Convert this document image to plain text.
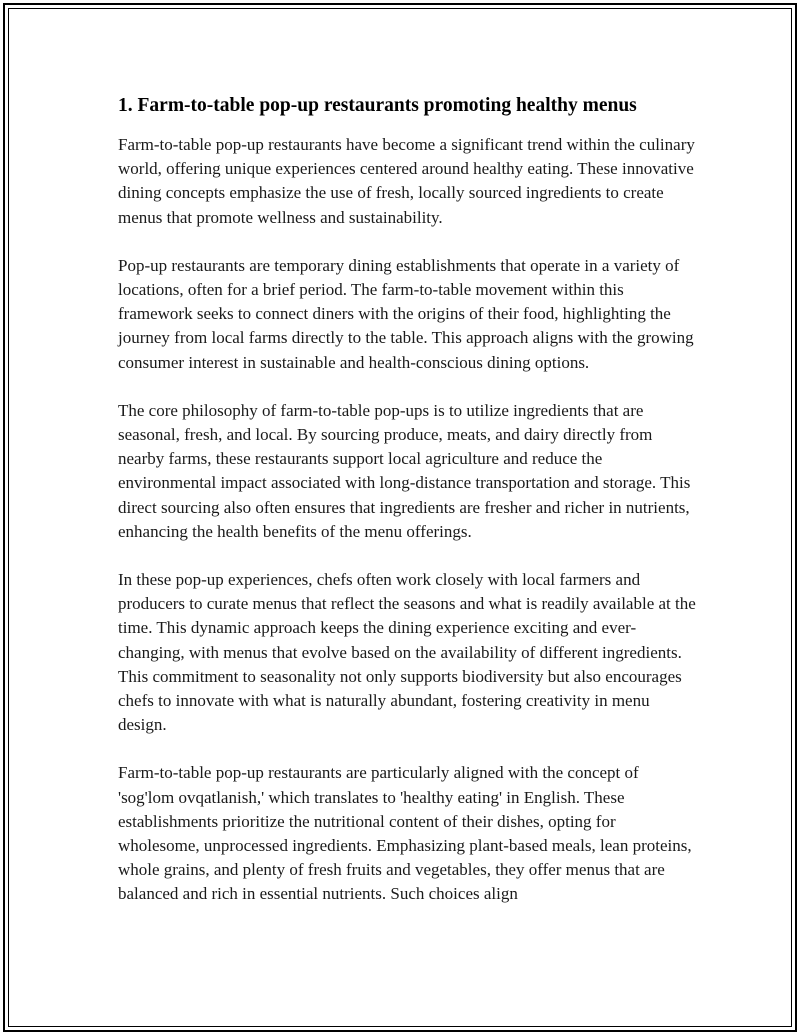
1. Farm-to-table pop-up restaurants promoting healthy menus

Farm-to-table pop-up restaurants have become a significant trend within the culinary world, offering unique experiences centered around healthy eating. These innovative dining concepts emphasize the use of fresh, locally sourced ingredients to create menus that promote wellness and sustainability.

Pop-up restaurants are temporary dining establishments that operate in a variety of locations, often for a brief period. The farm-to-table movement within this framework seeks to connect diners with the origins of their food, highlighting the journey from local farms directly to the table. This approach aligns with the growing consumer interest in sustainable and health-conscious dining options.

The core philosophy of farm-to-table pop-ups is to utilize ingredients that are seasonal, fresh, and local. By sourcing produce, meats, and dairy directly from nearby farms, these restaurants support local agriculture and reduce the environmental impact associated with long-distance transportation and storage. This direct sourcing also often ensures that ingredients are fresher and richer in nutrients, enhancing the health benefits of the menu offerings.

In these pop-up experiences, chefs often work closely with local farmers and producers to curate menus that reflect the seasons and what is readily available at the time. This dynamic approach keeps the dining experience exciting and ever-changing, with menus that evolve based on the availability of different ingredients. This commitment to seasonality not only supports biodiversity but also encourages chefs to innovate with what is naturally abundant, fostering creativity in menu design.

Farm-to-table pop-up restaurants are particularly aligned with the concept of 'sog'lom ovqatlanish,' which translates to 'healthy eating' in English. These establishments prioritize the nutritional content of their dishes, opting for wholesome, unprocessed ingredients. Emphasizing plant-based meals, lean proteins, whole grains, and plenty of fresh fruits and vegetables, they offer menus that are balanced and rich in essential nutrients. Such choices align
